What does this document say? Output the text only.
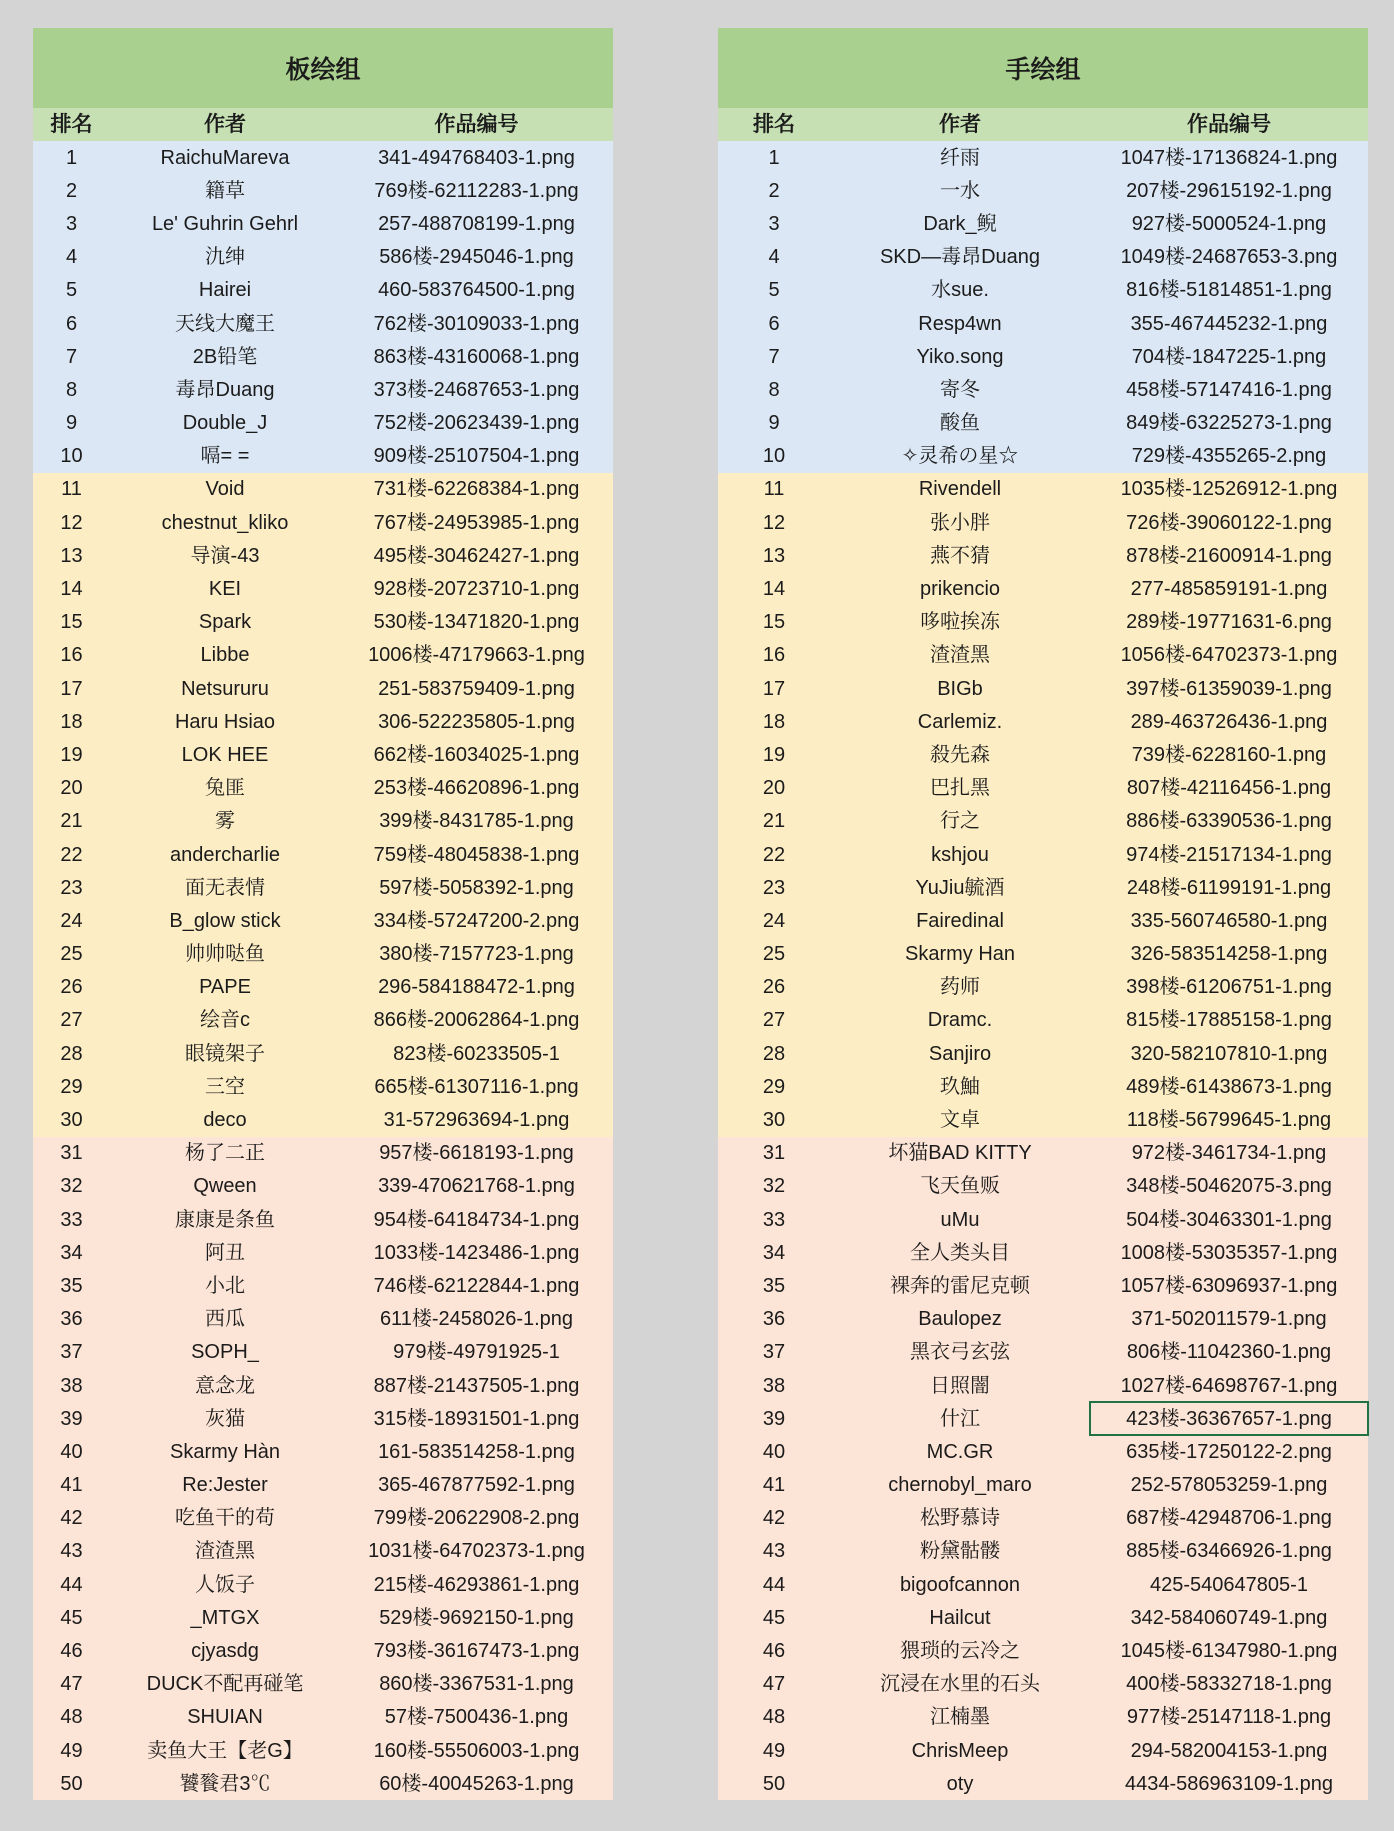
板绘组
排名	作者	作品编号
1	RaichuMareva	341-494768403-1.png
2	籍草	769楼-62112283-1.png
3	Le' Guhrin Gehrl	257-488708199-1.png
4	氿绅	586楼-2945046-1.png
5	Hairei	460-583764500-1.png
6	天线大魔王	762楼-30109033-1.png
7	2B铅笔	863楼-43160068-1.png
8	毒昂Duang	373楼-24687653-1.png
9	Double_J	752楼-20623439-1.png
10	嗝= =	909楼-25107504-1.png
11	Void	731楼-62268384-1.png
12	chestnut_kliko	767楼-24953985-1.png
13	导演-43	495楼-30462427-1.png
14	KEI	928楼-20723710-1.png
15	Spark	530楼-13471820-1.png
16	Libbe	1006楼-47179663-1.png
17	Netsururu	251-583759409-1.png
18	Haru Hsiao	306-522235805-1.png
19	LOK HEE	662楼-16034025-1.png
20	兔匪	253楼-46620896-1.png
21	雾	399楼-8431785-1.png
22	andercharlie	759楼-48045838-1.png
23	面无表情	597楼-5058392-1.png
24	B_glow stick	334楼-57247200-2.png
25	帅帅哒鱼	380楼-7157723-1.png
26	PAPE	296-584188472-1.png
27	绘音c	866楼-20062864-1.png
28	眼镜架子	823楼-60233505-1
29	三空	665楼-61307116-1.png
30	deco	31-572963694-1.png
31	杨了二正	957楼-6618193-1.png
32	Qween	339-470621768-1.png
33	康康是条鱼	954楼-64184734-1.png
34	阿丑	1033楼-1423486-1.png
35	小北	746楼-62122844-1.png
36	西瓜	611楼-2458026-1.png
37	SOPH_	979楼-49791925-1
38	意念龙	887楼-21437505-1.png
39	灰猫	315楼-18931501-1.png
40	Skarmy Hàn	161-583514258-1.png
41	Re:Jester	365-467877592-1.png
42	吃鱼干的苟	799楼-20622908-2.png
43	渣渣黑	1031楼-64702373-1.png
44	人饭子	215楼-46293861-1.png
45	_MTGX	529楼-9692150-1.png
46	cjyasdg	793楼-36167473-1.png
47	DUCK不配再碰笔	860楼-3367531-1.png
48	SHUIAN	57楼-7500436-1.png
49	卖鱼大王【老G】	160楼-55506003-1.png
50	饕餮君3℃	60楼-40045263-1.png
手绘组
排名	作者	作品编号
1	纤雨	1047楼-17136824-1.png
2	一水	207楼-29615192-1.png
3	Dark_鲵	927楼-5000524-1.png
4	SKD—毒昂Duang	1049楼-24687653-3.png
5	水sue.	816楼-51814851-1.png
6	Resp4wn	355-467445232-1.png
7	Yiko.song	704楼-1847225-1.png
8	寄冬	458楼-57147416-1.png
9	酸鱼	849楼-63225273-1.png
10	✧灵希の星☆	729楼-4355265-2.png
11	Rivendell	1035楼-12526912-1.png
12	张小胖	726楼-39060122-1.png
13	燕不猜	878楼-21600914-1.png
14	prikencio	277-485859191-1.png
15	哆啦挨冻	289楼-19771631-6.png
16	渣渣黑	1056楼-64702373-1.png
17	BIGb	397楼-61359039-1.png
18	Carlemiz.	289-463726436-1.png
19	殺先森	739楼-6228160-1.png
20	巴扎黑	807楼-42116456-1.png
21	行之	886楼-63390536-1.png
22	kshjou	974楼-21517134-1.png
23	YuJiu毓酒	248楼-61199191-1.png
24	Fairedinal	335-560746580-1.png
25	Skarmy Han	326-583514258-1.png
26	药师	398楼-61206751-1.png
27	Dramc.	815楼-17885158-1.png
28	Sanjiro	320-582107810-1.png
29	玖鮋	489楼-61438673-1.png
30	文卓	118楼-56799645-1.png
31	坏猫BAD KITTY	972楼-3461734-1.png
32	飞天鱼贩	348楼-50462075-3.png
33	uMu	504楼-30463301-1.png
34	全人类头目	1008楼-53035357-1.png
35	裸奔的雷尼克顿	1057楼-63096937-1.png
36	Baulopez	371-502011579-1.png
37	黑衣弓玄弦	806楼-11042360-1.png
38	日照闇	1027楼-64698767-1.png
39	什江	423楼-36367657-1.png
40	MC.GR	635楼-17250122-2.png
41	chernobyl_maro	252-578053259-1.png
42	松野慕诗	687楼-42948706-1.png
43	粉黛骷髅	885楼-63466926-1.png
44	bigoofcannon	425-540647805-1
45	Hailcut	342-584060749-1.png
46	猥琐的云冷之	1045楼-61347980-1.png
47	沉浸在水里的石头	400楼-58332718-1.png
48	江楠墨	977楼-25147118-1.png
49	ChrisMeep	294-582004153-1.png
50	oty	4434-586963109-1.png
